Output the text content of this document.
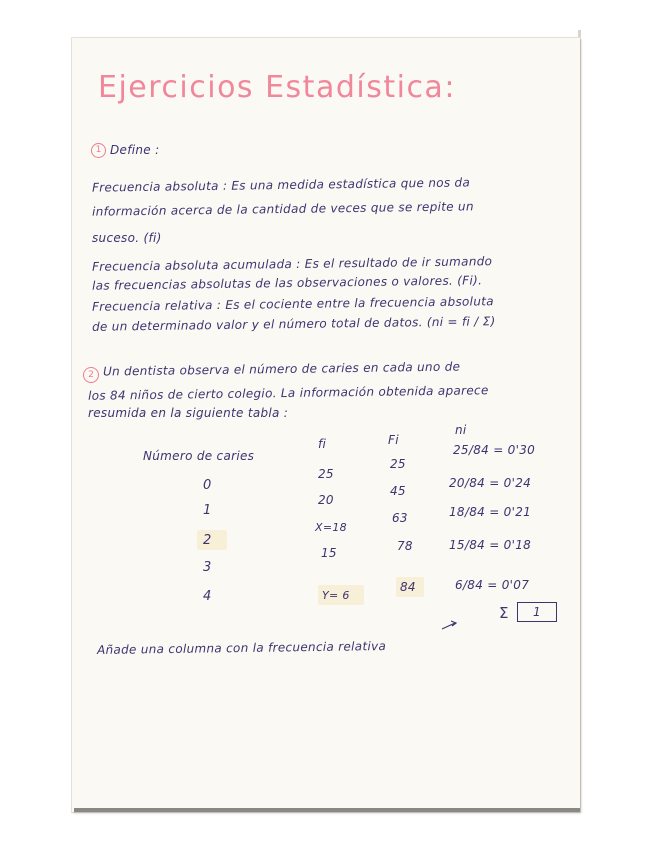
Ejercicios Estadística:

1 Define :

Frecuencia absoluta : Es una medida estadística que nos da

información acerca de la cantidad de veces que se repite un

suceso. (fi)

Frecuencia absoluta acumulada : Es el resultado de ir sumando

las frecuencias absolutas de las observaciones o valores. (Fi).

Frecuencia relativa : Es el cociente entre la frecuencia absoluta

de un determinado valor y el número total de datos. (ni = fi / Σ)

2 Un dentista observa el número de caries en cada uno de

los 84 niños de cierto colegio. La información obtenida aparece

resumida en la siguiente tabla :

Número de caries

fi	Fi

ni

0

1

2

3

4

25

20

X=18

15

Y= 6

25

45

63

78

84

25/84 = 0'30

20/84 = 0'24

18/84 = 0'21

15/84 = 0'18

6/84 = 0'07

Σ 1

Añade una columna con la frecuencia relativa
